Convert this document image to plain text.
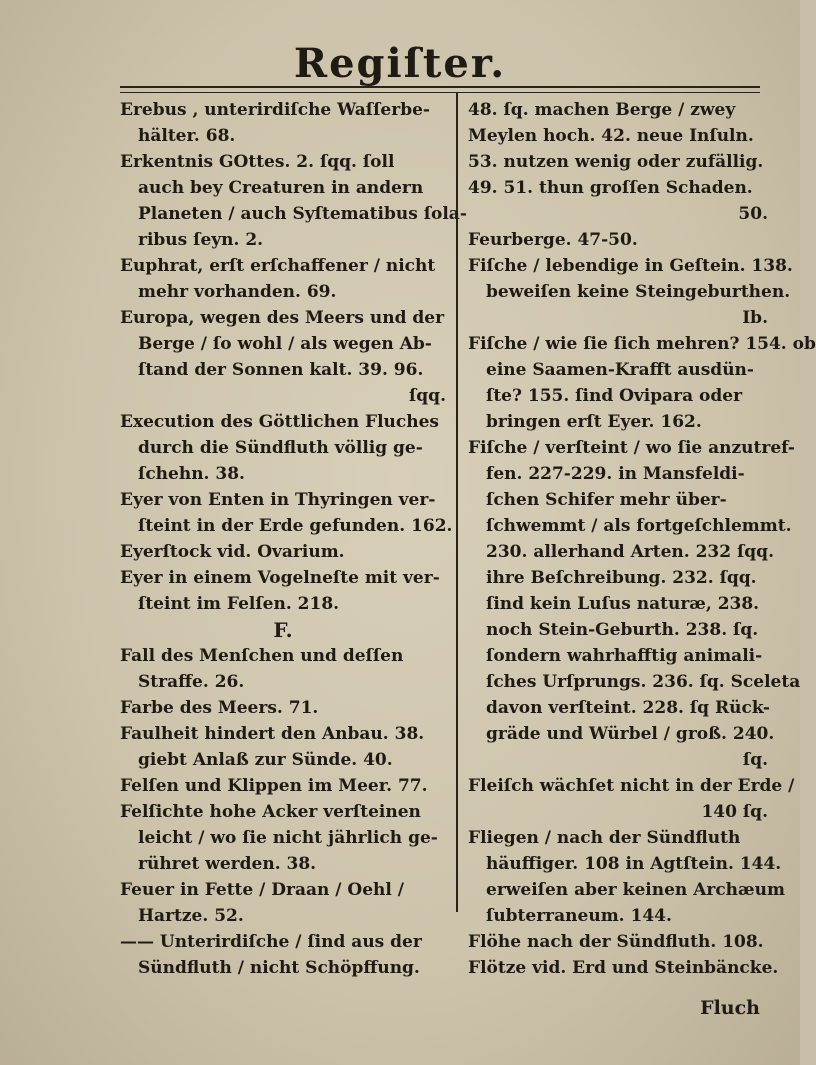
Regiſter.
Erebus , unterirdiſche Waſſerbe-
hälter. 68.
Erkentnis GOttes. 2. ſqq. ſoll
auch bey Creaturen in andern
Planeten / auch Syſtematibus ſola-
ribus ſeyn. 2.
Euphrat, erſt erſchaffener / nicht
mehr vorhanden. 69.
Europa, wegen des Meers und der
Berge / ſo wohl / als wegen Ab-
ſtand der Sonnen kalt. 39. 96.
ſqq.
Execution des Göttlichen Fluches
durch die Sündfluth völlig ge-
ſchehn. 38.
Eyer von Enten in Thyringen ver-
ſteint in der Erde gefunden. 162.
Eyerſtock vid. Ovarium.
Eyer in einem Vogelneſte mit ver-
ſteint im Felſen. 218.
F.
Fall des Menſchen und deſſen
Straffe. 26.
Farbe des Meers. 71.
Faulheit hindert den Anbau. 38.
giebt Anlaß zur Sünde. 40.
Felſen und Klippen im Meer. 77.
Felſichte hohe Acker verſteinen
leicht / wo ſie nicht jährlich ge-
rühret werden. 38.
Feuer in Fette / Draan / Oehl /
Hartze. 52.
—— Unterirdiſche / ſind aus der
Sündfluth / nicht Schöpffung.
48. ſq. machen Berge / zwey
Meylen hoch. 42. neue Inſuln.
53. nutzen wenig oder zufällig.
49. 51. thun groſſen Schaden.
50.
Feurberge. 47-50.
Fiſche / lebendige in Geſtein. 138.
beweiſen keine Steingeburthen.
Ib.
Fiſche / wie ſie ſich mehren? 154. ob
eine Saamen-Krafft ausdün-
ſte? 155. ſind Ovipara oder
bringen erſt Eyer. 162.
Fiſche / verſteint / wo ſie anzutref-
fen. 227-229. in Mansfeldi-
ſchen Schifer mehr über-
ſchwemmt / als fortgeſchlemmt.
230. allerhand Arten. 232 ſqq.
ihre Beſchreibung. 232. ſqq.
ſind kein Luſus naturæ, 238.
noch Stein-Geburth. 238. ſq.
ſondern wahrhafftig animali-
ſches Urſprungs. 236. ſq. Sceleta
davon verſteint. 228. ſq Rück-
gräde und Würbel / groß. 240.
ſq.
Fleiſch wächſet nicht in der Erde /
140 ſq.
Fliegen / nach der Sündfluth
häuffiger. 108 in Agtſtein. 144.
erweiſen aber keinen Archæum
ſubterraneum. 144.
Flöhe nach der Sündfluth. 108.
Flötze vid. Erd und Steinbäncke.
Fluch
